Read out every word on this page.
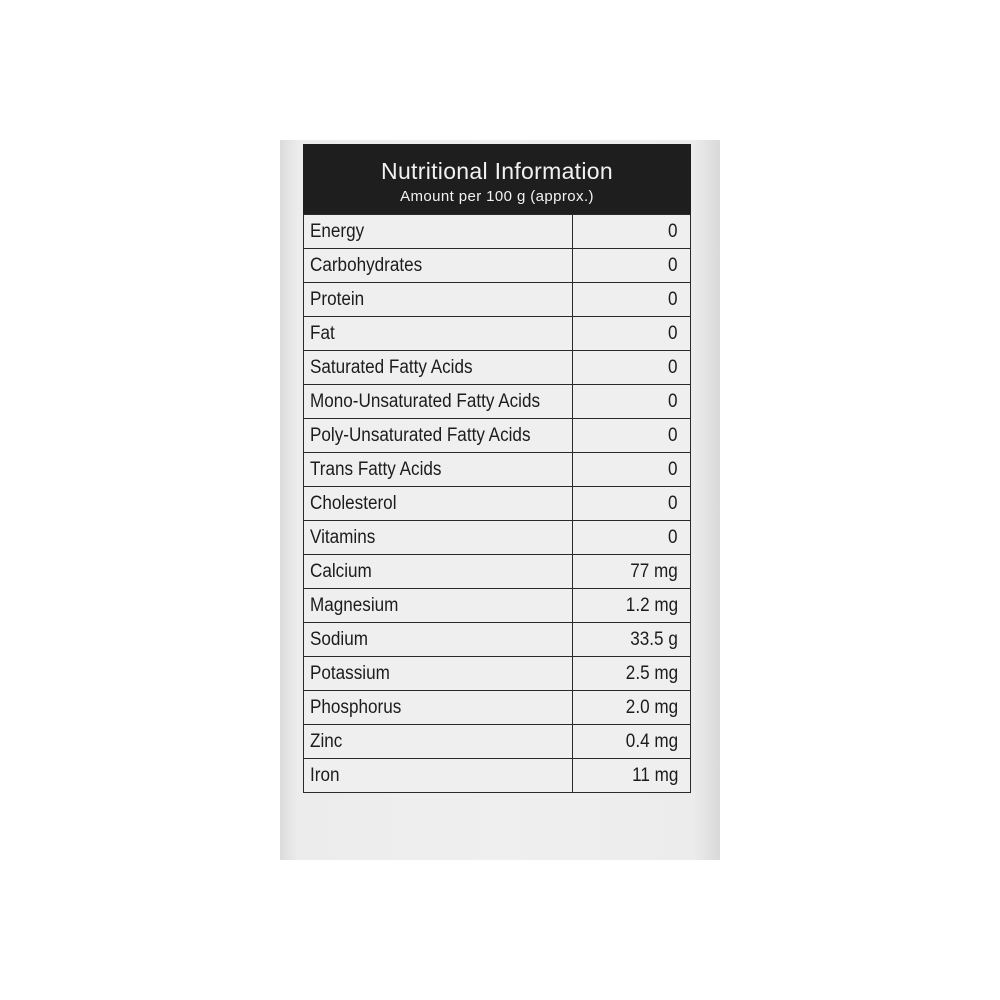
Nutritional Information
Amount per 100 g (approx.)
Energy	0
Carbohydrates	0
Protein	0
Fat	0
Saturated Fatty Acids	0
Mono-Unsaturated Fatty Acids	0
Poly-Unsaturated Fatty Acids	0
Trans Fatty Acids	0
Cholesterol	0
Vitamins	0
Calcium	77 mg
Magnesium	1.2 mg
Sodium	33.5 g
Potassium	2.5 mg
Phosphorus	2.0 mg
Zinc	0.4 mg
Iron	11 mg
